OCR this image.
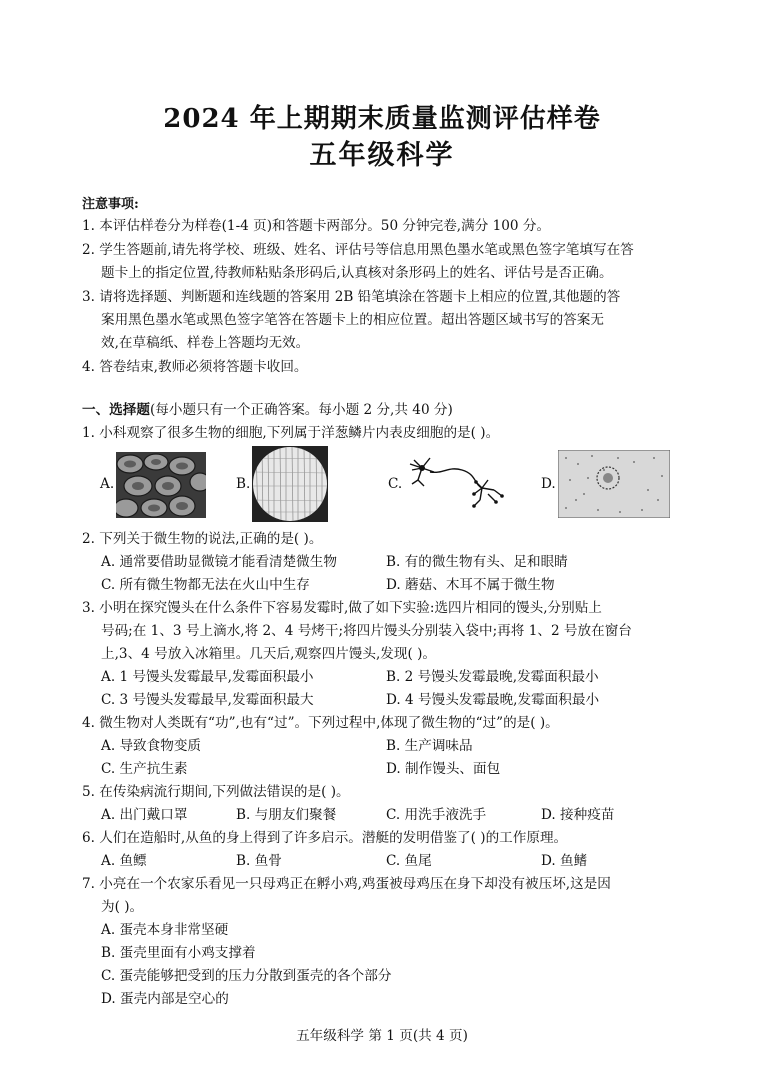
2024 年上期期末质量监测评估样卷
五年级科学
注意事项:
1. 本评估样卷分为样卷(1-4 页)和答题卡两部分。50 分钟完卷,满分 100 分。
2. 学生答题前,请先将学校、班级、姓名、评估号等信息用黑色墨水笔或黑色签字笔填写在答
题卡上的指定位置,待教师粘贴条形码后,认真核对条形码上的姓名、评估号是否正确。
3. 请将选择题、判断题和连线题的答案用 2B 铅笔填涂在答题卡上相应的位置,其他题的答
案用黑色墨水笔或黑色签字笔答在答题卡上的相应位置。超出答题区域书写的答案无
效,在草稿纸、样卷上答题均无效。
4. 答卷结束,教师必须将答题卡收回。
一、选择题(每小题只有一个正确答案。每小题 2 分,共 40 分)
1. 小科观察了很多生物的细胞,下列属于洋葱鳞片内表皮细胞的是( )。
A.	B.	C.	D.
2. 下列关于微生物的说法,正确的是( )。
A. 通常要借助显微镜才能看清楚微生物	B. 有的微生物有头、足和眼睛
C. 所有微生物都无法在火山中生存	D. 蘑菇、木耳不属于微生物
3. 小明在探究馒头在什么条件下容易发霉时,做了如下实验:选四片相同的馒头,分别贴上
号码;在 1、3 号上滴水,将 2、4 号烤干;将四片馒头分别装入袋中;再将 1、2 号放在窗台
上,3、4 号放入冰箱里。几天后,观察四片馒头,发现( )。
A. 1 号馒头发霉最早,发霉面积最小	B. 2 号馒头发霉最晚,发霉面积最小
C. 3 号馒头发霉最早,发霉面积最大	D. 4 号馒头发霉最晚,发霉面积最小
4. 微生物对人类既有“功”,也有“过”。下列过程中,体现了微生物的“过”的是( )。
A. 导致食物变质	B. 生产调味品
C. 生产抗生素	D. 制作馒头、面包
5. 在传染病流行期间,下列做法错误的是( )。
A. 出门戴口罩	B. 与朋友们聚餐	C. 用洗手液洗手	D. 接种疫苗
6. 人们在造船时,从鱼的身上得到了许多启示。潜艇的发明借鉴了( )的工作原理。
A. 鱼鳔	B. 鱼骨	C. 鱼尾	D. 鱼鳍
7. 小亮在一个农家乐看见一只母鸡正在孵小鸡,鸡蛋被母鸡压在身下却没有被压坏,这是因
为( )。
A. 蛋壳本身非常坚硬
B. 蛋壳里面有小鸡支撑着
C. 蛋壳能够把受到的压力分散到蛋壳的各个部分
D. 蛋壳内部是空心的
五年级科学 第 1 页(共 4 页)
